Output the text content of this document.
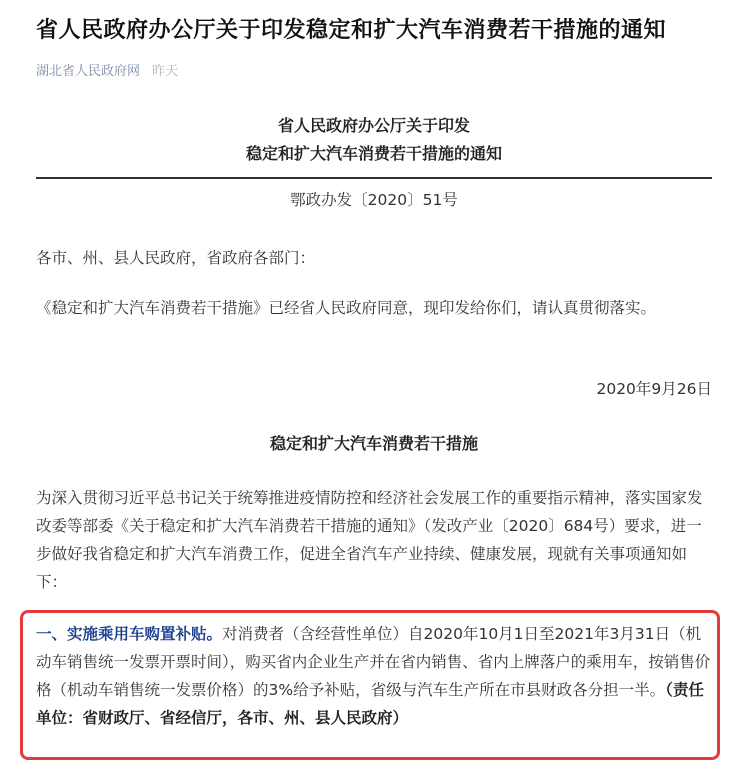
省人民政府办公厅关于印发稳定和扩大汽车消费若干措施的通知
湖北省人民政府网 昨天
省人民政府办公厅关于印发
稳定和扩大汽车消费若干措施的通知
鄂政办发〔2020〕51号
各市、州、县人民政府，省政府各部门：
《稳定和扩大汽车消费若干措施》已经省人民政府同意，现印发给你们，请认真贯彻落实。
2020年9月26日
稳定和扩大汽车消费若干措施
为深入贯彻习近平总书记关于统筹推进疫情防控和经济社会发展工作的重要指示精神，落实国家发改委等部委《关于稳定和扩大汽车消费若干措施的通知》（发改产业〔2020〕684号）要求，进一步做好我省稳定和扩大汽车消费工作，促进全省汽车产业持续、健康发展，现就有关事项通知如下：
一、实施乘用车购置补贴。对消费者（含经营性单位）自2020年10月1日至2021年3月31日（机动车销售统一发票开票时间），购买省内企业生产并在省内销售、省内上牌落户的乘用车，按销售价格（机动车销售统一发票价格）的3%给予补贴，省级与汽车生产所在市县财政各分担一半。（责任单位：省财政厅、省经信厅，各市、州、县人民政府）
